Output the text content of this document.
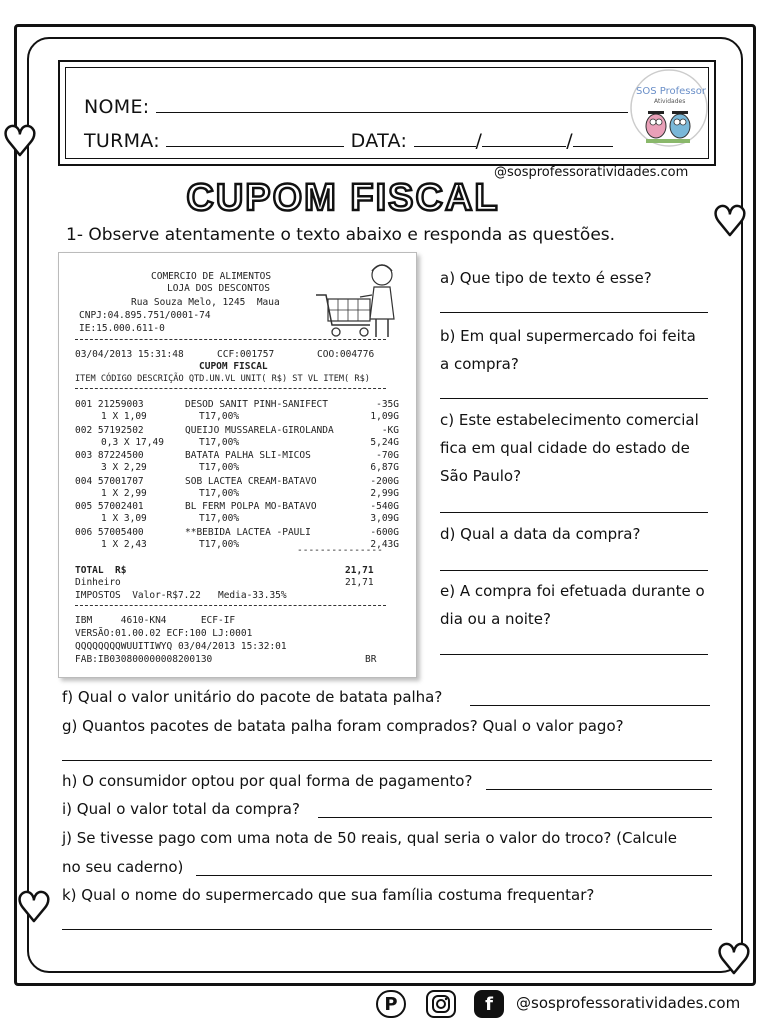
♥
♥
♥
♥
NOME:
TURMA:	DATA:	/	/
SOS Professor
Atividades
@sosprofessoratividades.com
CUPOM FISCAL
1- Observe atentamente o texto abaixo e responda as questões.
COMERCIO DE ALIMENTOS
LOJA DOS DESCONTOS
Rua Souza Melo, 1245  Maua
CNPJ:04.895.751/0001-74
IE:15.000.611-0
03/04/2013 15:31:48	CCF:001757	COO:004776
CUPOM FISCAL
ITEM CÓDIGO DESCRIÇÃO QTD.UN.VL UNIT( R$) ST VL ITEM( R$)
---------------
TOTAL  R$	21,71
Dinheiro	21,71
IMPOSTOS  Valor-R$7.22   Media-33.35%
IBM     4610-KN4      ECF-IF
VERSÃO:01.00.02 ECF:100 LJ:0001
QQQQQQQQWUUITIWYQ 03/04/2013 15:32:01
FAB:IB030800000008200130	BR
001 21259003	DESOD SANIT PINH-SANIFECT	-35G
1 X 1,09	T17,00%	1,09G
002 57192502	QUEIJO MUSSARELA-GIROLANDA	-KG
0,3 X 17,49	T17,00%	5,24G
003 87224500	BATATA PALHA SLI-MICOS	-70G
3 X 2,29	T17,00%	6,87G
004 57001707	SOB LACTEA CREAM-BATAVO	-200G
1 X 2,99	T17,00%	2,99G
005 57002401	BL FERM POLPA MO-BATAVO	-540G
1 X 3,09	T17,00%	3,09G
006 57005400	**BEBIDA LACTEA -PAULI	-600G
1 X 2,43	T17,00%	2,43G
a) Que tipo de texto é esse?
b) Em qual supermercado foi feita
a compra?
c) Este estabelecimento comercial
fica em qual cidade do estado de
São Paulo?
d) Qual a data da compra?
e) A compra foi efetuada durante o
dia ou a noite?
f) Qual o valor unitário do pacote de batata palha?
g) Quantos pacotes de batata palha foram comprados? Qual o valor pago?
h) O consumidor optou por qual forma de pagamento?
i) Qual o valor total da compra?
j) Se tivesse pago com uma nota de 50 reais, qual seria o valor do troco? (Calcule
no seu caderno)
k) Qual o nome do supermercado que sua família costuma frequentar?
P	f @sosprofessoratividades.com
